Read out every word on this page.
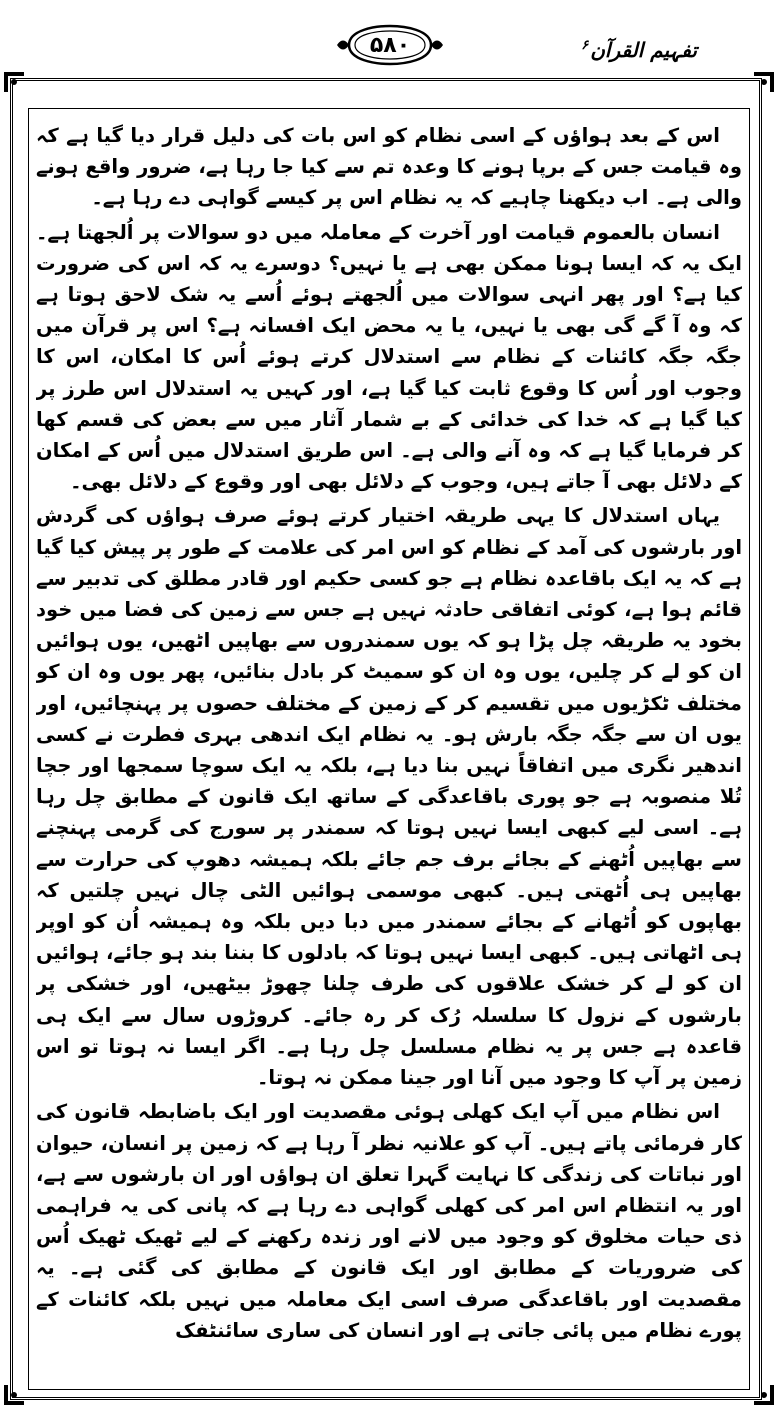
۵۸۰	تفہیم القرآن$^۶$

اس کے بعد ہواؤں کے اسی نظام کو اس بات کی دلیل قرار دیا گیا ہے کہ وہ قیامت جس کے برپا ہونے کا وعدہ تم سے کیا جا رہا ہے، ضرور واقع ہونے والی ہے۔ اب دیکھنا چاہیے کہ یہ نظام اس پر کیسے گواہی دے رہا ہے۔

انسان بالعموم قیامت اور آخرت کے معاملہ میں دو سوالات پر اُلجھتا ہے۔ ایک یہ کہ ایسا ہونا ممکن بھی ہے یا نہیں؟ دوسرے یہ کہ اس کی ضرورت کیا ہے؟ اور پھر انہی سوالات میں اُلجھتے ہوئے اُسے یہ شک لاحق ہوتا ہے کہ وہ آ گے گی بھی یا نہیں، یا یہ محض ایک افسانہ ہے؟ اس پر قرآن میں جگہ جگہ کائنات کے نظام سے استدلال کرتے ہوئے اُس کا امکان، اس کا وجوب اور اُس کا وقوع ثابت کیا گیا ہے، اور کہیں یہ استدلال اس طرز پر کیا گیا ہے کہ خدا کی خدائی کے بے شمار آثار میں سے بعض کی قسم کھا کر فرمایا گیا ہے کہ وہ آنے والی ہے۔ اس طریق استدلال میں اُس کے امکان کے دلائل بھی آ جاتے ہیں، وجوب کے دلائل بھی اور وقوع کے دلائل بھی۔

یہاں استدلال کا یہی طریقہ اختیار کرتے ہوئے صرف ہواؤں کی گردش اور بارشوں کی آمد کے نظام کو اس امر کی علامت کے طور پر پیش کیا گیا ہے کہ یہ ایک باقاعدہ نظام ہے جو کسی حکیم اور قادر مطلق کی تدبیر سے قائم ہوا ہے، کوئی اتفاقی حادثہ نہیں ہے جس سے زمین کی فضا میں خود بخود یہ طریقہ چل پڑا ہو کہ یوں سمندروں سے بھاپیں اٹھیں، یوں ہوائیں ان کو لے کر چلیں، یوں وہ ان کو سمیٹ کر بادل بنائیں، پھر یوں وہ ان کو مختلف ٹکڑیوں میں تقسیم کر کے زمین کے مختلف حصوں پر پہنچائیں، اور یوں ان سے جگہ جگہ بارش ہو۔ یہ نظام ایک اندھی بہری فطرت نے کسی اندھیر نگری میں اتفاقاً نہیں بنا دیا ہے، بلکہ یہ ایک سوچا سمجھا اور جچا تُلا منصوبہ ہے جو پوری باقاعدگی کے ساتھ ایک قانون کے مطابق چل رہا ہے۔ اسی لیے کبھی ایسا نہیں ہوتا کہ سمندر پر سورج کی گرمی پہنچنے سے بھاپیں اُٹھنے کے بجائے برف جم جائے بلکہ ہمیشہ دھوپ کی حرارت سے بھاپیں ہی اُٹھتی ہیں۔ کبھی موسمی ہوائیں الٹی چال نہیں چلتیں کہ بھاپوں کو اُٹھانے کے بجائے سمندر میں دبا دیں بلکہ وہ ہمیشہ اُن کو اوپر ہی اٹھاتی ہیں۔ کبھی ایسا نہیں ہوتا کہ بادلوں کا بننا بند ہو جائے، ہوائیں ان کو لے کر خشک علاقوں کی طرف چلنا چھوڑ بیٹھیں، اور خشکی پر بارشوں کے نزول کا سلسلہ رُک کر رہ جائے۔ کروڑوں سال سے ایک ہی قاعدہ ہے جس پر یہ نظام مسلسل چل رہا ہے۔ اگر ایسا نہ ہوتا تو اس زمین پر آپ کا وجود میں آنا اور جینا ممکن نہ ہوتا۔

اس نظام میں آپ ایک کھلی ہوئی مقصدیت اور ایک باضابطہ قانون کی کار فرمائی پاتے ہیں۔ آپ کو علانیہ نظر آ رہا ہے کہ زمین پر انسان، حیوان اور نباتات کی زندگی کا نہایت گہرا تعلق ان ہواؤں اور ان بارشوں سے ہے، اور یہ انتظام اس امر کی کھلی گواہی دے رہا ہے کہ پانی کی یہ فراہمی ذی حیات مخلوق کو وجود میں لانے اور زندہ رکھنے کے لیے ٹھیک ٹھیک اُس کی ضروریات کے مطابق اور ایک قانون کے مطابق کی گئی ہے۔ یہ مقصدیت اور باقاعدگی صرف اسی ایک معاملہ میں نہیں بلکہ کائنات کے پورے نظام میں پائی جاتی ہے اور انسان کی ساری سائنٹفک
